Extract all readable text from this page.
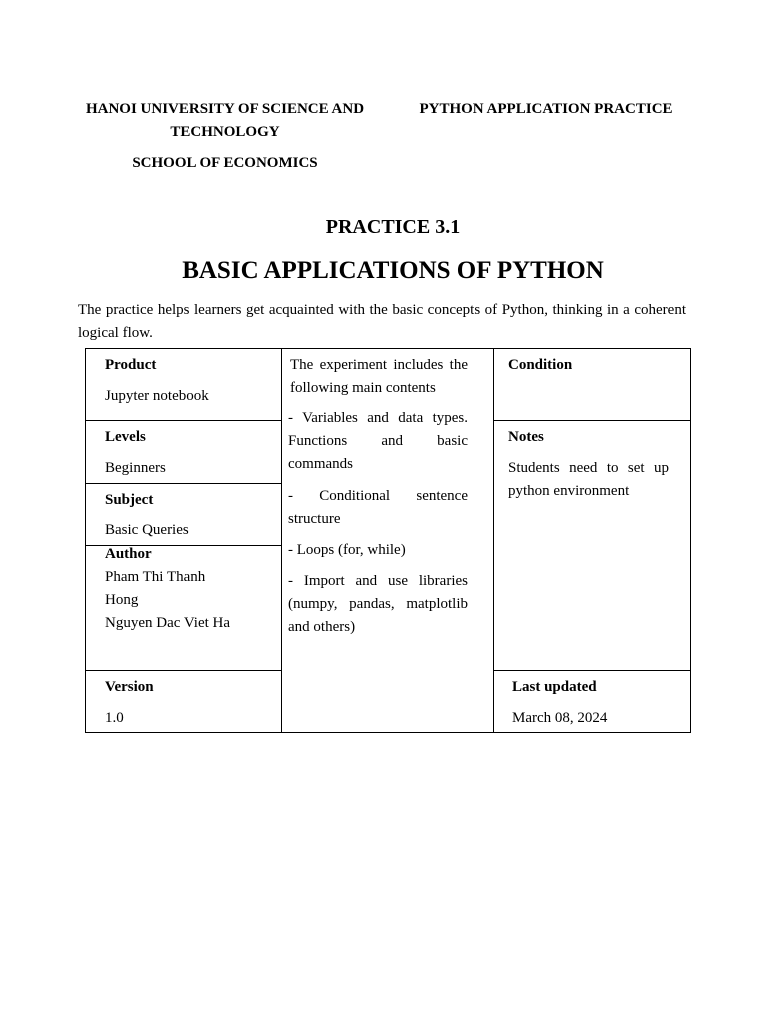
HANOI UNIVERSITY OF SCIENCE AND TECHNOLOGY
SCHOOL OF ECONOMICS
PYTHON APPLICATION PRACTICE
PRACTICE 3.1
BASIC APPLICATIONS OF PYTHON
The practice helps learners get acquainted with the basic concepts of Python, thinking in a coherent logical flow.
Product
Jupyter notebook
Levels
Beginners
Subject
Basic Queries
Author
Pham Thi Thanh Hong
Nguyen Dac Viet Ha
Version
1.0
The experiment includes the following main contents
- Variables and data types. Functions and basic commands
- Conditional sentence structure
- Loops (for, while)
- Import and use libraries (numpy, pandas, matplotlib and others)
Condition
Notes
Students need to set up python environment
Last updated
March 08, 2024
